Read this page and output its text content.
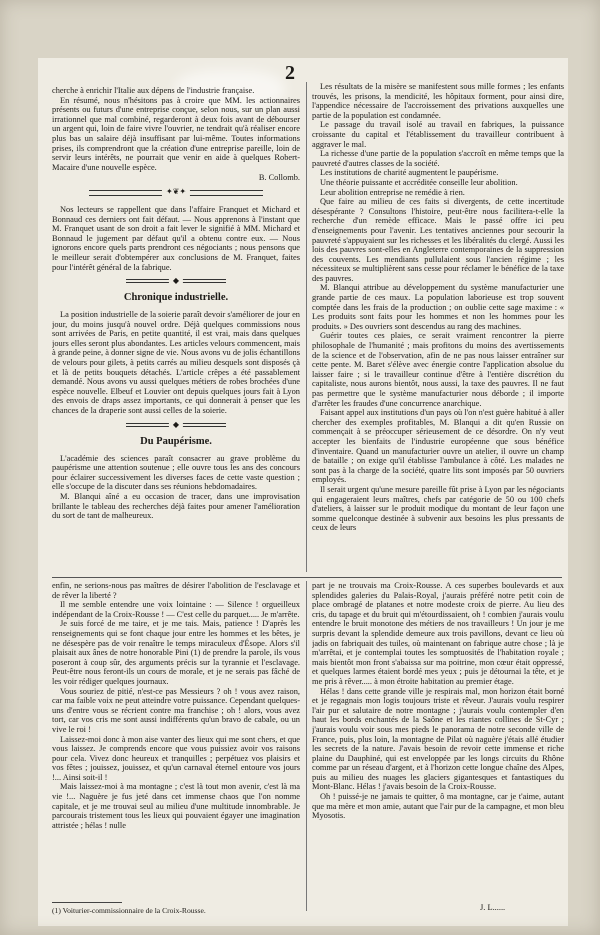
2

cherche à enrichir l'Italie aux dépens de l'industrie française.

En résumé, nous n'hésitons pas à croire que MM. les actionnaires présents ou futurs d'une entreprise conçue, selon nous, sur un plan aussi irrationnel que mal combiné, regarderont à deux fois avant de débourser un argent qui, loin de faire vivre l'ouvrier, ne tendrait qu'à réaliser encore plus bas un salaire déjà insuffisant par lui-même. Toutes informations prises, ils comprendront que la création d'une entreprise pareille, loin de servir leurs intérêts, ne pourrait que venir en aide à quelques Robert-Macaire d'une nouvelle espèce.

B. Collomb.
✦❦✦

Nos lecteurs se rappellent que dans l'affaire Franquet et Michard et Bonnaud ces derniers ont fait défaut. — Nous apprenons à l'instant que M. Franquet usant de son droit a fait lever le signifié à MM. Michard et Bonnaud le jugement par défaut qu'il a obtenu contre eux. — Nous ignorons encore quels parts prendront ces négociants ; nous pensons que le meilleur serait d'obtempérer aux conclusions de M. Franquet, faites pour l'intérêt général de la fabrique.

◆
Chronique industrielle.

La position industrielle de la soierie paraît devoir s'améliorer de jour en jour, du moins jusqu'à nouvel ordre. Déjà quelques commissions nous sont arrivées de Paris, en petite quantité, il est vrai, mais dans quelques jours elles seront plus abondantes. Les articles velours commencent, mais à grande peine, à donner signe de vie. Nous avons vu de jolis échantillons de velours pour gilets, à petits carrés au milieu desquels sont disposés çà et là de petits bouquets détachés. L'article crêpes a été passablement demandé. Nous avons vu aussi quelques métiers de robes brochées d'une espèce nouvelle. Elbeuf et Louvier ont depuis quelques jours fait à Lyon des envois de draps assez importants, ce qui donnerait à penser que les chances de la draperie sont aussi celles de la soierie.

◆
Du Paupérisme.

L'académie des sciences paraît consacrer au grave problème du paupérisme une attention soutenue ; elle ouvre tous les ans des concours pour éclairer successivement les diverses faces de cette vaste question ; elle s'occupe de la discuter dans ses réunions hebdomadaires.

M. Blanqui aîné a eu occasion de tracer, dans une improvisation brillante le tableau des recherches déjà faites pour amener l'amélioration du sort de tant de malheureux.

Les résultats de la misère se manifestent sous mille formes ; les enfants trouvés, les prisons, la mendicité, les hôpitaux forment, pour ainsi dire, l'appendice nécessaire de l'accroissement des privations auxquelles une partie de la population est condamnée.

Le passage du travail isolé au travail en fabriques, la puissance croissante du capital et l'établissement du travailleur contribuent à aggraver le mal.

La richesse d'une partie de la population s'accroît en même temps que la pauvreté d'autres classes de la société.

Les institutions de charité augmentent le paupérisme.

Une théorie puissante et accréditée conseille leur abolition.

Leur abolition entreprise ne remédie à rien.

Que faire au milieu de ces faits si divergents, de cette incertitude désespérante ? Consultons l'histoire, peut-être nous facilitera-t-elle la recherche d'un remède efficace. Mais le passé offre ici peu d'enseignements pour l'avenir. Les tentatives anciennes pour secourir la pauvreté s'appuyaient sur les richesses et les libéralités du clergé. Aussi les lois des pauvres sont-elles en Angleterre contemporaines de la suppression des couvents. Les mendiants pullulaient sous l'ancien régime ; les nécessiteux se multiplièrent sans cesse pour réclamer le bénéfice de la taxe des pauvres.

M. Blanqui attribue au développement du système manufacturier une grande partie de ces maux. La population laborieuse est trop souvent comptée dans les frais de la production ; on oublie cette sage maxime : « Les produits sont faits pour les hommes et non les hommes pour les produits. » Des ouvriers sont descendus au rang des machines.

Guérir toutes ces plaies, ce serait vraiment rencontrer la pierre philosophale de l'humanité ; mais profitons du moins des avertissements de la science et de l'observation, afin de ne pas nous laisser entraîner sur cette pente. M. Baret s'élève avec énergie contre l'application absolue du laisser faire ; si le travailleur continue d'être à l'entière discrétion du capitaliste, nous aurons bientôt, nous aussi, la taxe des pauvres. Il ne faut pas permettre que le système manufacturier nous déborde ; il importe d'arrêter les fraudes d'une concurrence anarchique.

Faisant appel aux institutions d'un pays où l'on n'est guère habitué à aller chercher des exemples profitables, M. Blanqui a dit qu'en Russie on commençait à se préoccuper sérieusement de ce désordre. On n'y veut accepter les bienfaits de l'industrie européenne que sous bénéfice d'inventaire. Quand un manufacturier ouvre un atelier, il ouvre un champ de bataille ; on exige qu'il établisse l'ambulance à côté. Les malades ne sont pas à la charge de la société, quatre lits sont imposés par 50 ouvriers employés.

Il serait urgent qu'une mesure pareille fût prise à Lyon par les négociants qui engageraient leurs maîtres, chefs par catégorie de 50 ou 100 chefs d'ateliers, à laisser sur le produit modique du montant de leur façon une somme quelconque destinée à subvenir aux besoins les plus pressants de ceux de leurs

enfin, ne serions-nous pas maîtres de désirer l'abolition de l'esclavage et de rêver la liberté ?

Il me semble entendre une voix lointaine : — Silence ! orgueilleux indépendant de la Croix-Rousse ! — C'est celle du parquet..... Je m'arrête.

Je suis forcé de me taire, et je me tais. Mais, patience ! D'après les renseignements qui se font chaque jour entre les hommes et les bêtes, je ne désespère pas de voir renaître le temps miraculeux d'Ésope. Alors s'il plaisait aux ânes de notre honorable Pini (1) de prendre la parole, ils vous poseront à coup sûr, des arguments précis sur la tyrannie et l'esclavage. Peut-être nous feront-ils un cours de morale, et je ne serais pas fâché de les voir rédiger quelques journaux.

Vous souriez de pitié, n'est-ce pas Messieurs ? oh ! vous avez raison, car ma faible voix ne peut atteindre votre puissance. Cependant quelques-uns d'entre vous se récrient contre ma franchise ; oh ! alors, vous avez tort, car vos cris me sont aussi indifférents qu'un bravo de cabale, ou un vive le roi !

Laissez-moi donc à mon aise vanter des lieux qui me sont chers, et que vous laissez. Je comprends encore que vous puissiez avoir vos raisons pour cela. Vivez donc heureux et tranquilles ; perpétuez vos plaisirs et vos fêtes ; jouissez, jouissez, et qu'un carnaval éternel entoure vos jours !... Ainsi soit-il !

Mais laissez-moi à ma montagne ; c'est là tout mon avenir, c'est là ma vie !... Naguère je fus jeté dans cet immense chaos que l'on nomme capitale, et je me trouvai seul au milieu d'une multitude innombrable. Je parcourais tristement tous les lieux qui pouvaient égayer une imagination attristée ; hélas ! nulle

part je ne trouvais ma Croix-Rousse. A ces superbes boulevards et aux splendides galeries du Palais-Royal, j'aurais préféré notre petit coin de place ombragé de platanes et notre modeste croix de pierre. Au lieu des cris, du tapage et du bruit qui m'étourdissaient, oh ! combien j'aurais voulu entendre le bruit monotone des métiers de nos travailleurs ! Un jour je me surpris devant la splendide demeure aux trois pavillons, devant ce lieu où jadis on fabriquait des tuiles, où maintenant on fabrique autre chose ; là je m'arrêtai, et je contemplai toutes les somptuosités de l'habitation royale ; mais bientôt mon front s'abaissa sur ma poitrine, mon cœur était oppressé, et quelques larmes étaient bordé mes yeux ; puis je détournai la tête, et je me pris à rêver..... à mon étroite habitation au premier étage.

Hélas ! dans cette grande ville je respirais mal, mon horizon était borné et je regagnais mon logis toujours triste et rêveur. J'aurais voulu respirer l'air pur et salutaire de notre montagne ; j'aurais voulu contempler d'en haut les bords enchantés de la Saône et les riantes collines de St-Cyr ; j'aurais voulu voir sous mes pieds le panorama de notre seconde ville de France, puis, plus loin, la montagne de Pilat où naguère j'étais allé étudier les secrets de la nature. J'avais besoin de revoir cette immense et riche plaine du Dauphiné, qui est enveloppée par les longs circuits du Rhône comme par un réseau d'argent, et à l'horizon cette longue chaîne des Alpes, puis au milieu des nuages les glaciers gigantesques et fantastiques du Mont-Blanc. Hélas ! j'avais besoin de la Croix-Rousse.

Oh ! puissé-je ne jamais te quitter, ô ma montagne, car je t'aime, autant que ma mère et mon amie, autant que l'air pur de la campagne, et mon bleu Myosotis.

(1) Voiturier-commissionnaire de la Croix-Rousse.	J. L......
